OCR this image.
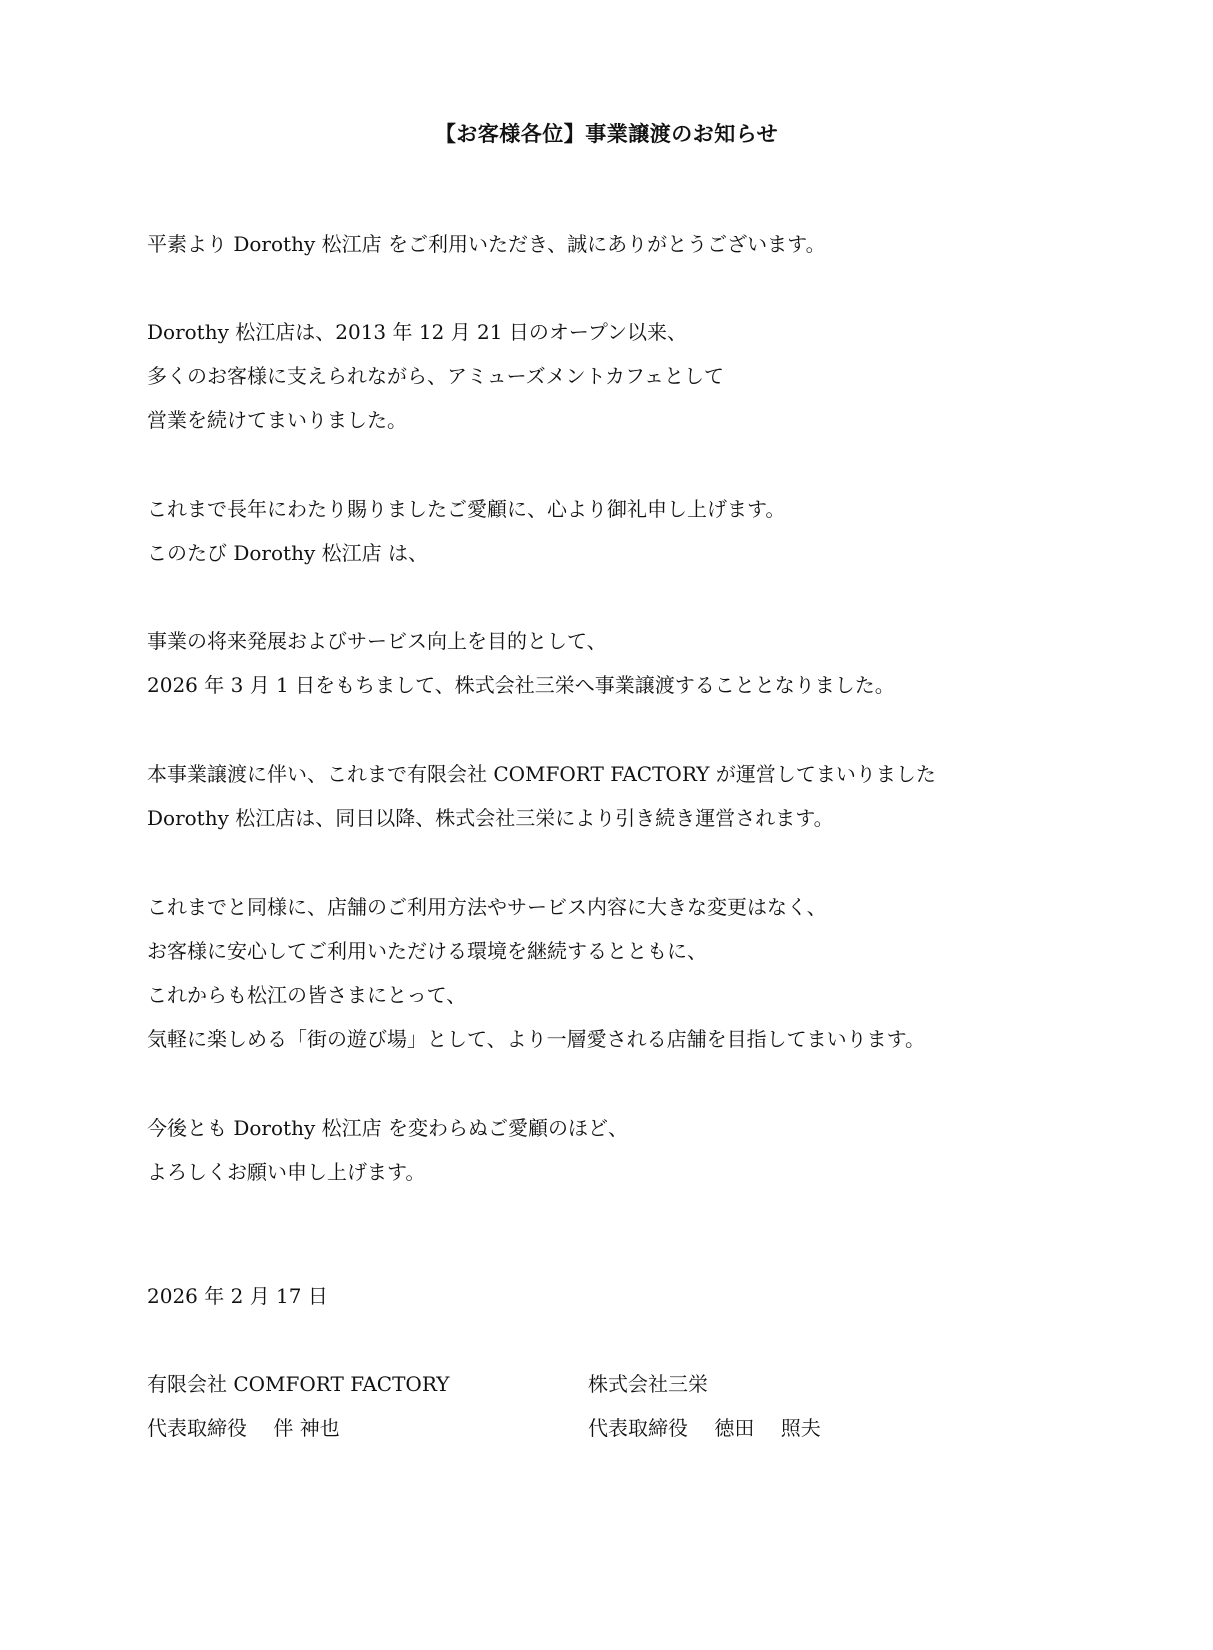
【お客様各位】事業譲渡のお知らせ
平素より Dorothy 松江店 をご利用いただき、誠にありがとうございます。
Dorothy 松江店は、2013 年 12 月 21 日のオープン以来、
多くのお客様に支えられながら、アミューズメントカフェとして
営業を続けてまいりました。
これまで長年にわたり賜りましたご愛顧に、心より御礼申し上げます。
このたび Dorothy 松江店 は、
事業の将来発展およびサービス向上を目的として、
2026 年 3 月 1 日をもちまして、株式会社三栄へ事業譲渡することとなりました。
本事業譲渡に伴い、これまで有限会社 COMFORT FACTORY が運営してまいりました
Dorothy 松江店は、同日以降、株式会社三栄により引き続き運営されます。
これまでと同様に、店舗のご利用方法やサービス内容に大きな変更はなく、
お客様に安心してご利用いただける環境を継続するとともに、
これからも松江の皆さまにとって、
気軽に楽しめる「街の遊び場」として、より一層愛される店舗を目指してまいります。
今後とも Dorothy 松江店 を変わらぬご愛顧のほど、
よろしくお願い申し上げます。
2026 年 2 月 17 日
有限会社 COMFORT FACTORY
代表取締役　 伴 神也
株式会社三栄
代表取締役　 徳田　 照夫
